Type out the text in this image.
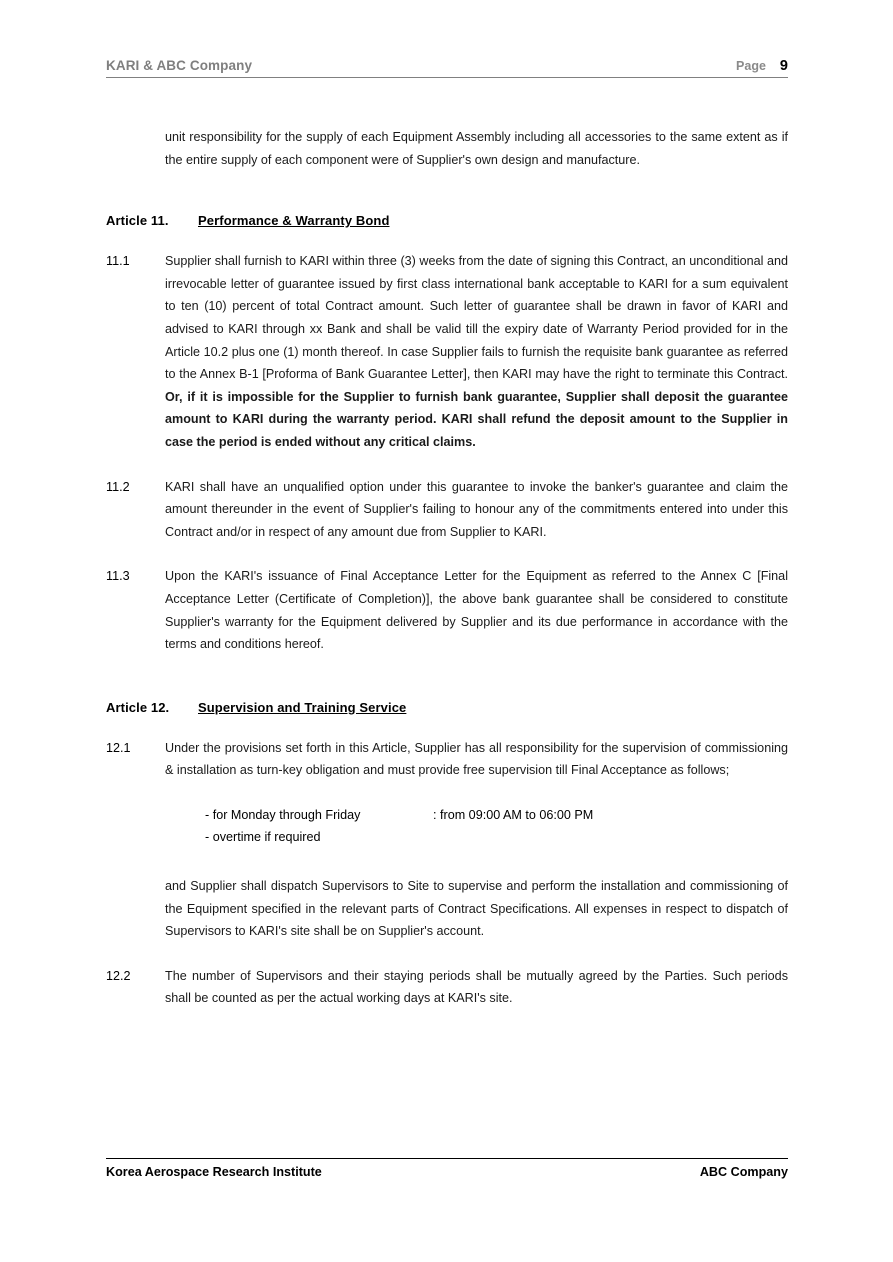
KARI & ABC Company	Page 9
unit responsibility for the supply of each Equipment Assembly including all accessories to the same extent as if the entire supply of each component were of Supplier's own design and manufacture.
Article 11. Performance & Warranty Bond
11.1	Supplier shall furnish to KARI within three (3) weeks from the date of signing this Contract, an unconditional and irrevocable letter of guarantee issued by first class international bank acceptable to KARI for a sum equivalent to ten (10) percent of total Contract amount. Such letter of guarantee shall be drawn in favor of KARI and advised to KARI through xx Bank and shall be valid till the expiry date of Warranty Period provided for in the Article 10.2 plus one (1) month thereof. In case Supplier fails to furnish the requisite bank guarantee as referred to the Annex B-1 [Proforma of Bank Guarantee Letter], then KARI may have the right to terminate this Contract. Or, if it is impossible for the Supplier to furnish bank guarantee, Supplier shall deposit the guarantee amount to KARI during the warranty period. KARI shall refund the deposit amount to the Supplier in case the period is ended without any critical claims.
11.2	KARI shall have an unqualified option under this guarantee to invoke the banker's guarantee and claim the amount thereunder in the event of Supplier's failing to honour any of the commitments entered into under this Contract and/or in respect of any amount due from Supplier to KARI.
11.3	Upon the KARI's issuance of Final Acceptance Letter for the Equipment as referred to the Annex C [Final Acceptance Letter (Certificate of Completion)], the above bank guarantee shall be considered to constitute Supplier's warranty for the Equipment delivered by Supplier and its due performance in accordance with the terms and conditions hereof.
Article 12. Supervision and Training Service
12.1	Under the provisions set forth in this Article, Supplier has all responsibility for the supervision of commissioning & installation as turn-key obligation and must provide free supervision till Final Acceptance as follows;
- for Monday through Friday	: from 09:00 AM to 06:00 PM
- overtime if required
and Supplier shall dispatch Supervisors to Site to supervise and perform the installation and commissioning of the Equipment specified in the relevant parts of Contract Specifications. All expenses in respect to dispatch of Supervisors to KARI's site shall be on Supplier's account.
12.2	The number of Supervisors and their staying periods shall be mutually agreed by the Parties. Such periods shall be counted as per the actual working days at KARI's site.
Korea Aerospace Research Institute	ABC Company
